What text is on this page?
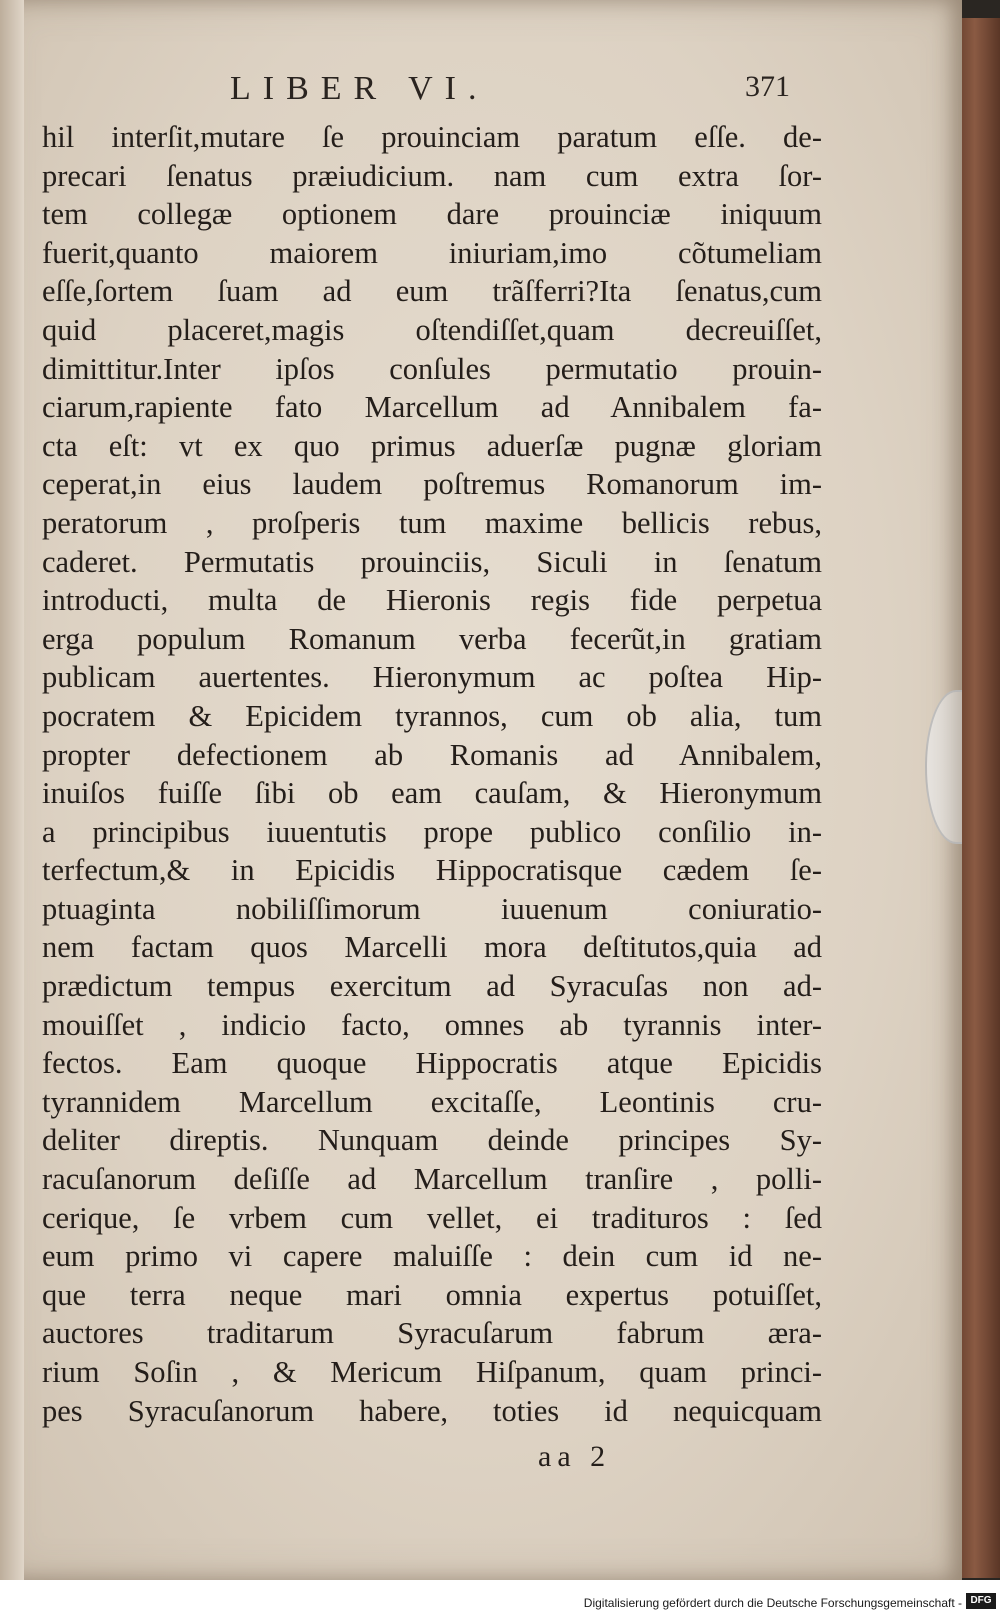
LIBER VI.	371
hil interſit,mutare ſe prouinciam paratum eſſe. de-
precari ſenatus præiudicium. nam cum extra ſor-
tem collegæ optionem dare prouinciæ iniquum
fuerit,quanto maiorem iniuriam,imo cõtumeliam
eſſe,ſortem ſuam ad eum trãſferri?Ita ſenatus,cum
quid placeret,magis oſtendiſſet,quam decreuiſſet,
dimittitur.Inter ipſos conſules permutatio prouin-
ciarum,rapiente fato Marcellum ad Annibalem fa-
cta eſt: vt ex quo primus aduerſæ pugnæ gloriam
ceperat,in eius laudem poſtremus Romanorum im-
peratorum , proſperis tum maxime bellicis rebus,
caderet. Permutatis prouinciis, Siculi in ſenatum
introducti, multa de Hieronis regis fide perpetua
erga populum Romanum verba fecerũt,in gratiam
publicam auertentes. Hieronymum ac poſtea Hip-
pocratem & Epicidem tyrannos, cum ob alia, tum
propter defectionem ab Romanis ad Annibalem,
inuiſos fuiſſe ſibi ob eam cauſam, & Hieronymum
a principibus iuuentutis prope publico conſilio in-
terfectum,& in Epicidis Hippocratisque cædem ſe-
ptuaginta nobiliſſimorum iuuenum coniuratio-
nem factam quos Marcelli mora deſtitutos,quia ad
prædictum tempus exercitum ad Syracuſas non ad-
mouiſſet , indicio facto, omnes ab tyrannis inter-
fectos. Eam quoque Hippocratis atque Epicidis
tyrannidem Marcellum excitaſſe, Leontinis cru-
deliter direptis. Nunquam deinde principes Sy-
racuſanorum deſiſſe ad Marcellum tranſire , polli-
cerique, ſe vrbem cum vellet, ei tradituros : ſed
eum primo vi capere maluiſſe : dein cum id ne-
que terra neque mari omnia expertus potuiſſet,
auctores traditarum Syracuſarum fabrum æra-
rium Soſin , & Mericum Hiſpanum, quam princi-
pes Syracuſanorum habere, toties id nequicquam
aa 2
Digitalisierung gefördert durch die Deutsche Forschungsgemeinschaft - DFG
